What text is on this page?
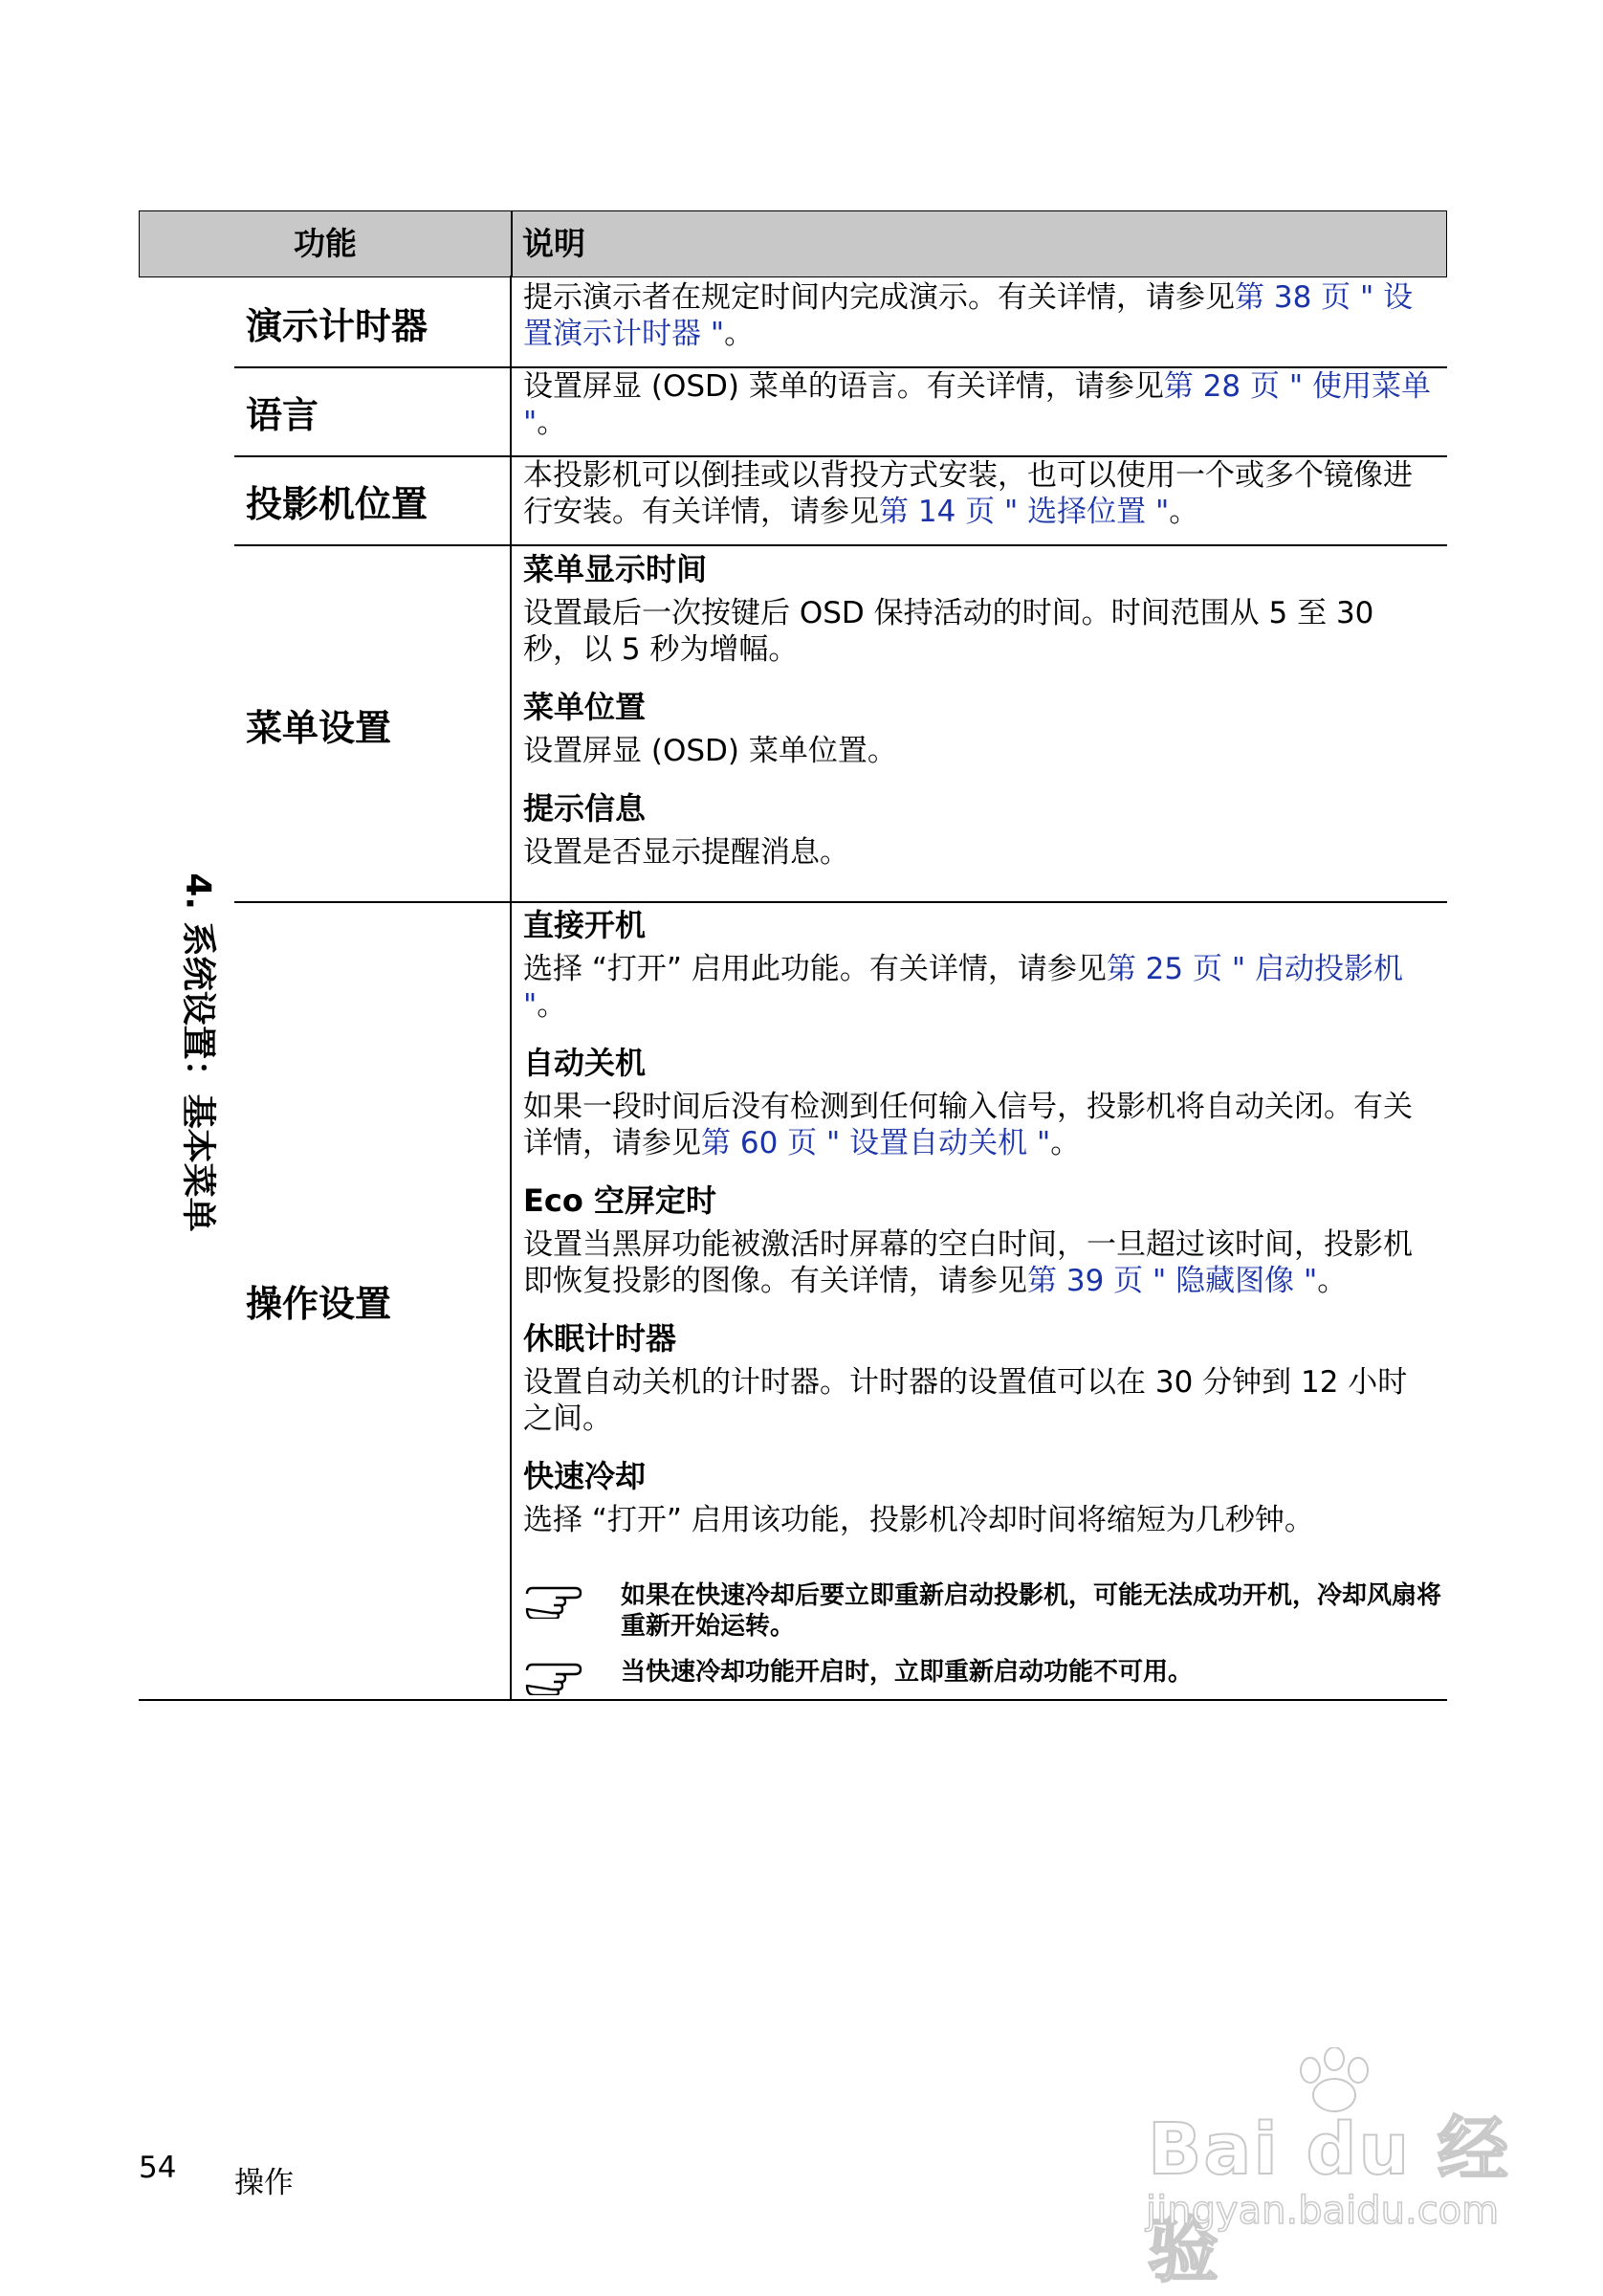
功能	说明
4. 系统设置：基本菜单
演示计时器
提示演示者在规定时间内完成演示。有关详情，请参见第 38 页 " 设置演示计时器 "。
语言
设置屏显 (OSD) 菜单的语言。有关详情，请参见第 28 页 " 使用菜单 "。
投影机位置
本投影机可以倒挂或以背投方式安装，也可以使用一个或多个镜像进行安装。有关详情，请参见第 14 页 " 选择位置 "。
菜单设置
菜单显示时间
设置最后一次按键后 OSD 保持活动的时间。时间范围从 5 至 30 秒，以 5 秒为增幅。
菜单位置
设置屏显 (OSD) 菜单位置。
提示信息
设置是否显示提醒消息。
操作设置
直接开机
选择 “打开” 启用此功能。有关详情，请参见第 25 页 " 启动投影机 "。
自动关机
如果一段时间后没有检测到任何输入信号，投影机将自动关闭。有关详情，请参见第 60 页 " 设置自动关机 "。
Eco 空屏定时
设置当黑屏功能被激活时屏幕的空白时间，一旦超过该时间，投影机即恢复投影的图像。有关详情，请参见第 39 页 " 隐藏图像 "。
休眠计时器
设置自动关机的计时器。计时器的设置值可以在 30 分钟到 12 小时之间。
快速冷却
选择 “打开” 启用该功能，投影机冷却时间将缩短为几秒钟。
如果在快速冷却后要立即重新启动投影机，可能无法成功开机，冷却风扇将重新开始运转。
当快速冷却功能开启时，立即重新启动功能不可用。
54 操作	Bai du 经验
jingyan.baidu.com
